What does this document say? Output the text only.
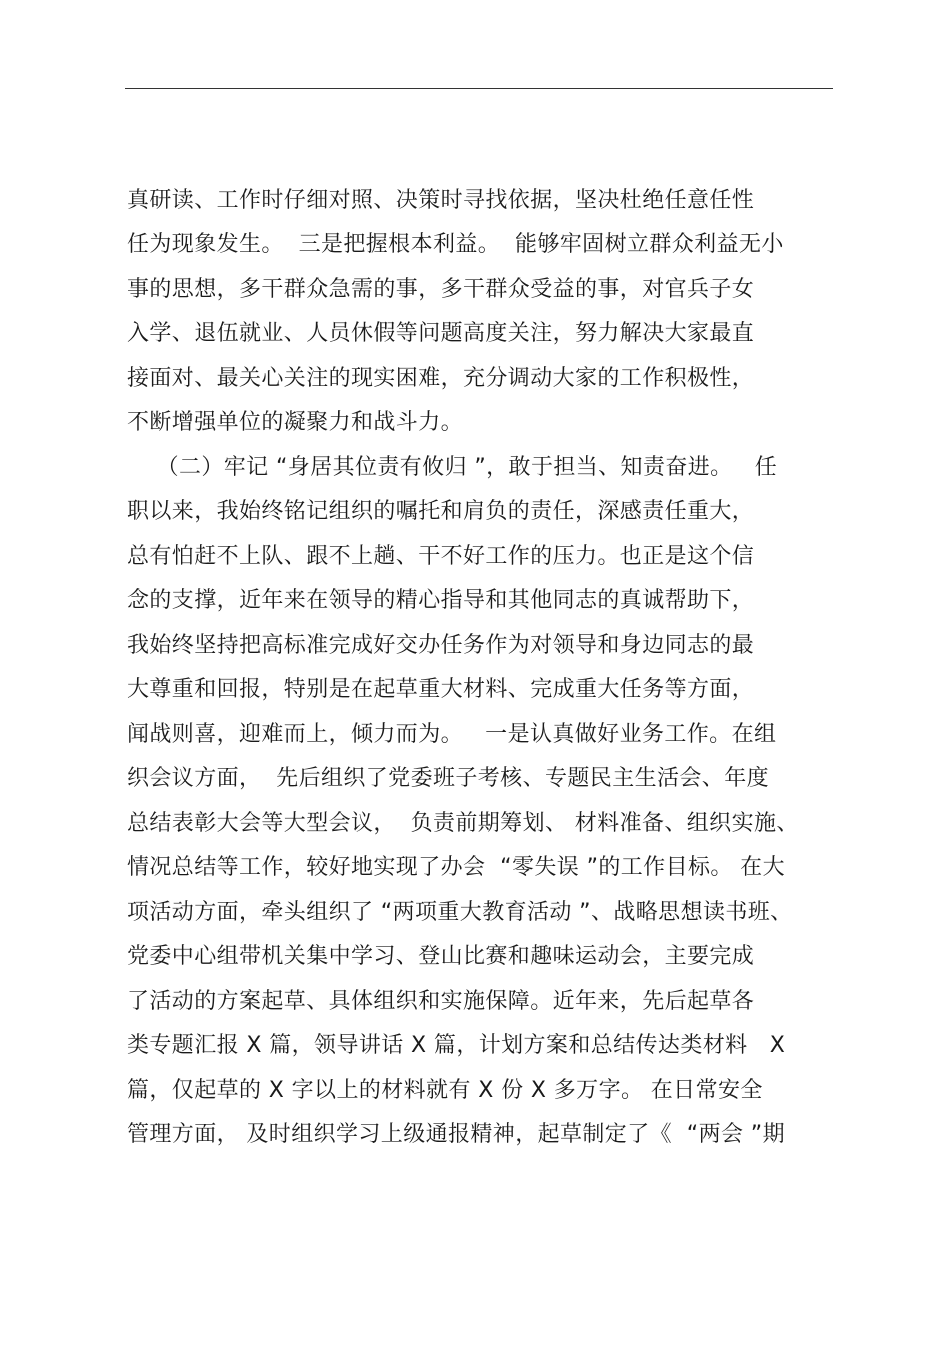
真研读、工作时仔细对照、决策时寻找依据，坚决杜绝任意任性
任为现象发生。  三是把握根本利益。  能够牢固树立群众利益无小
事的思想，多干群众急需的事，多干群众受益的事，对官兵子女
入学、退伍就业、人员休假等问题高度关注，努力解决大家最直
接面对、最关心关注的现实困难，充分调动大家的工作积极性，
不断增强单位的凝聚力和战斗力。
（二）牢记 “身居其位责有攸归 ”，敢于担当、知责奋进。   任
职以来，我始终铭记组织的嘱托和肩负的责任，深感责任重大，
总有怕赶不上队、跟不上趟、干不好工作的压力。也正是这个信
念的支撑，近年来在领导的精心指导和其他同志的真诚帮助下，
我始终坚持把高标准完成好交办任务作为对领导和身边同志的最
大尊重和回报，特别是在起草重大材料、完成重大任务等方面，
闻战则喜，迎难而上，倾力而为。   一是认真做好业务工作。在组
织会议方面，  先后组织了党委班子考核、专题民主生活会、年度
总结表彰大会等大型会议，  负责前期筹划、 材料准备、组织实施、
情况总结等工作，较好地实现了办会  “零失误 ”的工作目标。 在大
项活动方面，牵头组织了 “两项重大教育活动 ”、战略思想读书班、
党委中心组带机关集中学习、登山比赛和趣味运动会，主要完成
了活动的方案起草、具体组织和实施保障。近年来，先后起草各
类专题汇报 X 篇，领导讲话 X 篇，计划方案和总结传达类材料   X
篇，仅起草的 X 字以上的材料就有 X 份 X 多万字。 在日常安全
管理方面， 及时组织学习上级通报精神，起草制定了《  “两会 ”期
